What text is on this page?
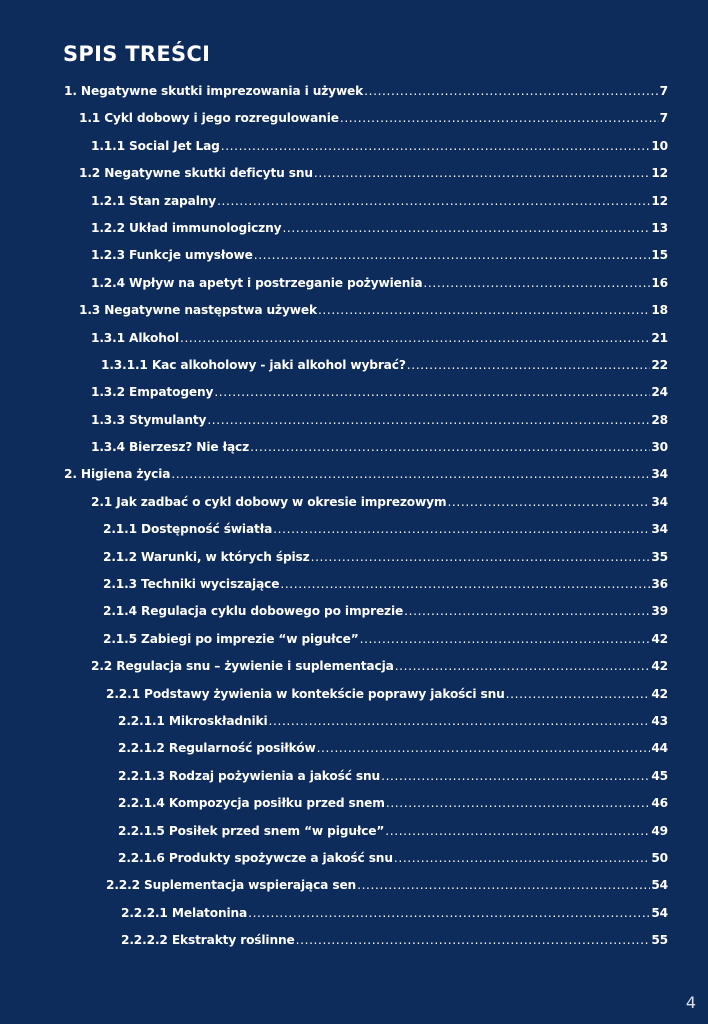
SPIS TREŚCI
1. Negatywne skutki imprezowania i używek .....	7
1.1 Cykl dobowy i jego rozregulowanie .....	7
1.1.1 Social Jet Lag .....	10
1.2 Negatywne skutki deficytu snu .....	12
1.2.1 Stan zapalny .....	12
1.2.2 Układ immunologiczny .....	13
1.2.3 Funkcje umysłowe .....	15
1.2.4 Wpływ na apetyt i postrzeganie pożywienia .....	16
1.3 Negatywne następstwa używek .....	18
1.3.1 Alkohol .....	21
1.3.1.1 Kac alkoholowy - jaki alkohol wybrać? .....	22
1.3.2 Empatogeny .....	24
1.3.3 Stymulanty .....	28
1.3.4 Bierzesz? Nie łącz .....	30
2. Higiena życia .....	34
2.1 Jak zadbać o cykl dobowy w okresie imprezowym .....	34
2.1.1 Dostępność światła .....	34
2.1.2 Warunki, w których śpisz .....	35
2.1.3 Techniki wyciszające .....	36
2.1.4 Regulacja cyklu dobowego po imprezie .....	39
2.1.5 Zabiegi po imprezie “w pigułce” .....	42
2.2 Regulacja snu – żywienie i suplementacja .....	42
2.2.1 Podstawy żywienia w kontekście poprawy jakości snu .....	42
2.2.1.1 Mikroskładniki .....	43
2.2.1.2 Regularność posiłków .....	44
2.2.1.3 Rodzaj pożywienia a jakość snu .....	45
2.2.1.4 Kompozycja posiłku przed snem .....	46
2.2.1.5 Posiłek przed snem “w pigułce” .....	49
2.2.1.6 Produkty spożywcze a jakość snu .....	50
2.2.2 Suplementacja wspierająca sen .....	54
2.2.2.1 Melatonina .....	54
2.2.2.2 Ekstrakty roślinne .....	55
4
